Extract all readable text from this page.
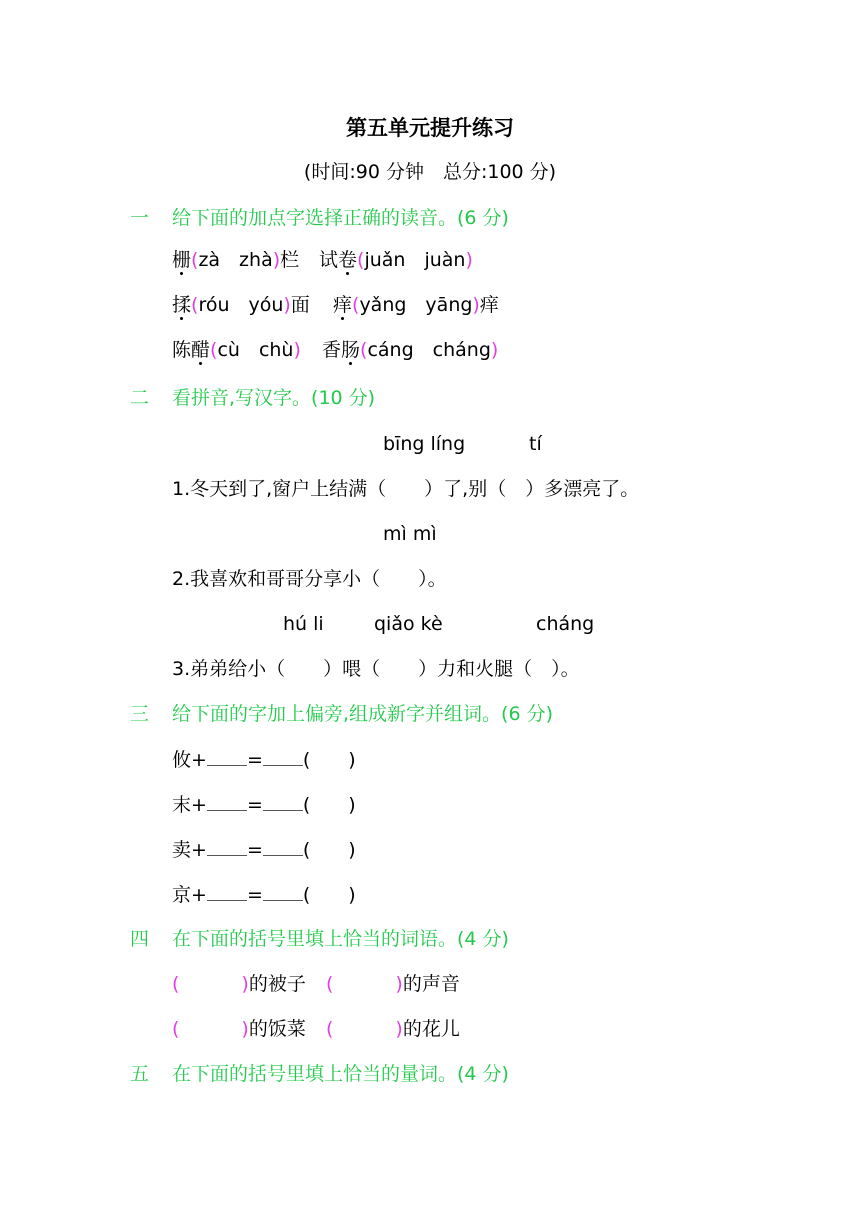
第五单元提升练习
(时间:90 分钟　总分:100 分)
一 给下面的加点字选择正确的读音。(6 分)
栅(zà　zhà)栏 试卷(juǎn　juàn)
揉(róu　yóu)面 痒(yǎng　yāng)痒
陈醋(cù　chù) 香肠(cáng　cháng)
二 看拼音,写汉字。(10 分)
bīng líng	tí
1.冬天到了,窗户上结满（　　）了,别（　）多漂亮了。
mì mì
2.我喜欢和哥哥分享小（　　）。
hú li	qiǎo kè	cháng
3.弟弟给小（　　）喂（　　）力和火腿（　）。
三 给下面的字加上偏旁,组成新字并组词。(6 分)
攸+ = (　　)
末+ = (　　)
卖+ = (　　)
京+ = (　　)
四 在下面的括号里填上恰当的词语。(4 分)
(	)的被子 (	)的声音
(	)的饭菜 (	)的花儿
五 在下面的括号里填上恰当的量词。(4 分)
